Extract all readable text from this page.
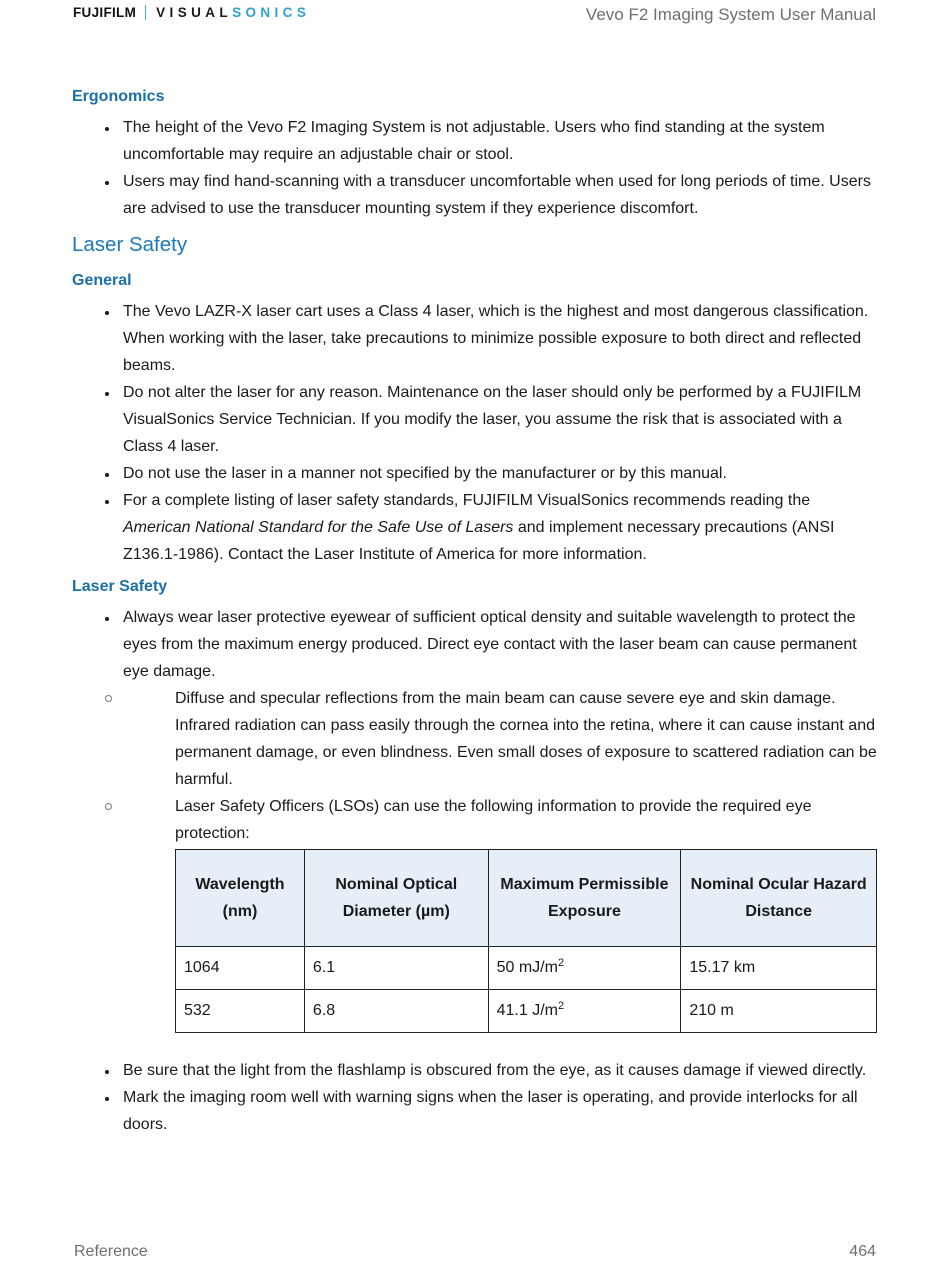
FUJIFILM VISUAL SONICS	Vevo F2 Imaging System User Manual
Ergonomics
The height of the Vevo F2 Imaging System is not adjustable. Users who find standing at the system uncomfortable may require an adjustable chair or stool.
Users may find hand-scanning with a transducer uncomfortable when used for long periods of time. Users are advised to use the transducer mounting system if they experience discomfort.
Laser Safety
General
The Vevo LAZR-X laser cart uses a Class 4 laser, which is the highest and most dangerous classification. When working with the laser, take precautions to minimize possible exposure to both direct and reflected beams.
Do not alter the laser for any reason. Maintenance on the laser should only be performed by a FUJIFILM VisualSonics Service Technician. If you modify the laser, you assume the risk that is associated with a Class 4 laser.
Do not use the laser in a manner not specified by the manufacturer or by this manual.
For a complete listing of laser safety standards, FUJIFILM VisualSonics recommends reading the American National Standard for the Safe Use of Lasers and implement necessary precautions (ANSI Z136.1-1986). Contact the Laser Institute of America for more information.
Laser Safety
Always wear laser protective eyewear of sufficient optical density and suitable wavelength to protect the eyes from the maximum energy produced. Direct eye contact with the laser beam can cause permanent eye damage.
Diffuse and specular reflections from the main beam can cause severe eye and skin damage. Infrared radiation can pass easily through the cornea into the retina, where it can cause instant and permanent damage, or even blindness. Even small doses of exposure to scattered radiation can be harmful.
Laser Safety Officers (LSOs) can use the following information to provide the required eye protection:
Wavelength (nm)	Nominal Optical Diameter (µm)	Maximum Permissible Exposure	Nominal Ocular Hazard Distance
1064	6.1	50 $mJ/m^2$	15.17 km
532	6.8	41.1 $J/m^2$	210 m
Be sure that the light from the flashlamp is obscured from the eye, as it causes damage if viewed directly.
Mark the imaging room well with warning signs when the laser is operating, and provide interlocks for all doors.
Reference	464
